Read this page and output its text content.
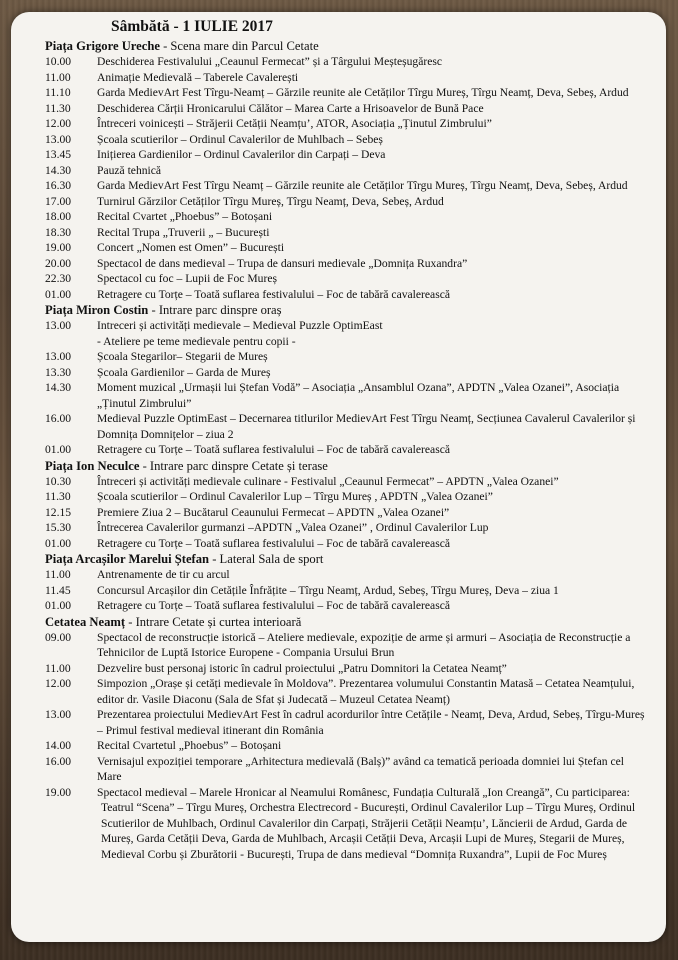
Sâmbătă - 1 IULIE 2017
Piața Grigore Ureche - Scena mare din Parcul Cetate
10.00	Deschiderea Festivalului „Ceaunul Fermecat” și a Târgului Meșteșugăresc
11.00	Animație Medievală – Taberele Cavalerești
11.10	Garda MedievArt Fest Tîrgu-Neamț – Gărzile reunite ale Cetăților Tîrgu Mureș, Tîrgu Neamț, Deva, Sebeș, Ardud
11.30	Deschiderea Cărții Hronicarului Călător – Marea Carte a Hrisoavelor de Bună Pace
12.00	Întreceri voinicești – Străjerii Cetății Neamțu’, ATOR, Asociația „Ținutul Zimbrului”
13.00	Școala scutierilor – Ordinul Cavalerilor de Muhlbach – Sebeș
13.45	Inițierea Gardienilor – Ordinul Cavalerilor din Carpați – Deva
14.30	Pauză tehnică
16.30	Garda MedievArt Fest Tîrgu Neamț – Gărzile reunite ale Cetăților Tîrgu Mureș, Tîrgu Neamț, Deva, Sebeș, Ardud
17.00	Turnirul Gărzilor Cetăților Tîrgu Mureș, Tîrgu Neamț, Deva, Sebeș, Ardud
18.00	Recital Cvartet „Phoebus” – Botoșani
18.30	Recital Trupa „Truverii „ – București
19.00	Concert „Nomen est Omen” – București
20.00	Spectacol de dans medieval – Trupa de dansuri medievale „Domnița Ruxandra”
22.30	Spectacol cu foc – Lupii de Foc Mureș
01.00	Retragere cu Torțe – Toată suflarea festivalului – Foc de tabără cavalerească
Piața Miron Costin - Intrare parc dinspre oraș
13.00	Intreceri și activități medievale – Medieval Puzzle OptimEast
- Ateliere pe teme medievale pentru copii -
13.00	Școala Stegarilor– Stegarii de Mureș
13.30	Școala Gardienilor – Garda de Mureș
14.30	Moment muzical „Urmașii lui Ștefan Vodă” – Asociația „Ansamblul Ozana”, APDTN „Valea Ozanei”, Asociația „Ținutul Zimbrului”
16.00	Medieval Puzzle OptimEast – Decernarea titlurilor MedievArt Fest Tîrgu Neamț, Secțiunea Cavalerul Cavalerilor și Domnița Domnițelor – ziua 2
01.00	Retragere cu Torțe – Toată suflarea festivalului – Foc de tabără cavalerească
Piața Ion Neculce - Intrare parc dinspre Cetate și terase
10.30	Întreceri și activități medievale culinare - Festivalul „Ceaunul Fermecat” – APDTN „Valea Ozanei”
11.30	Școala scutierilor – Ordinul Cavalerilor Lup – Tîrgu Mureș , APDTN „Valea Ozanei”
12.15	Premiere Ziua 2 – Bucătarul Ceaunului Fermecat – APDTN „Valea Ozanei”
15.30	Întrecerea Cavalerilor gurmanzi –APDTN „Valea Ozanei” , Ordinul Cavalerilor Lup
01.00	Retragere cu Torțe – Toată suflarea festivalului – Foc de tabără cavalerească
Piața Arcașilor Marelui Ștefan - Lateral Sala de sport
11.00	Antrenamente de tir cu arcul
11.45	Concursul Arcașilor din Cetățile Înfrățite – Tîrgu Neamț, Ardud, Sebeș, Tîrgu Mureș, Deva – ziua 1
01.00	Retragere cu Torțe – Toată suflarea festivalului – Foc de tabără cavalerească
Cetatea Neamț - Intrare Cetate și curtea interioară
09.00	Spectacol de reconstrucție istorică – Ateliere medievale, expoziție de arme și armuri – Asociația de Reconstrucție a Tehnicilor de Luptă Istorice Europene - Compania Ursului Brun
11.00	Dezvelire bust personaj istoric în cadrul proiectului „Patru Domnitori la Cetatea Neamț”
12.00	Simpozion „Orașe și cetăți medievale în Moldova”. Prezentarea volumului Constantin Matasă – Cetatea Neamțului, editor dr. Vasile Diaconu (Sala de Sfat și Judecată – Muzeul Cetatea Neamț)
13.00	Prezentarea proiectului MedievArt Fest în cadrul acordurilor între Cetățile - Neamț, Deva, Ardud, Sebeș, Tîrgu-Mureș – Primul festival medieval itinerant din România
14.00	Recital Cvartetul „Phoebus” – Botoșani
16.00	Vernisajul expoziției temporare „Arhitectura medievală (Balș)” având ca tematică perioada domniei lui Ștefan cel Mare
19.00	Spectacol medieval – Marele Hronicar al Neamului Românesc, Fundația Culturală „Ion Creangă”, Cu participarea:
Teatrul “Scena” – Tîrgu Mureș, Orchestra Electrecord - București, Ordinul Cavalerilor Lup – Tîrgu Mureș, Ordinul Scutierilor de Muhlbach, Ordinul Cavalerilor din Carpați, Străjerii Cetății Neamțu’, Lăncierii de Ardud, Garda de Mureș, Garda Cetății Deva, Garda de Muhlbach, Arcașii Cetății Deva, Arcașii Lupi de Mureș, Stegarii de Mureș, Medieval Corbu și Zburătorii - București, Trupa de dans medieval “Domnița Ruxandra”, Lupii de Foc Mureș
